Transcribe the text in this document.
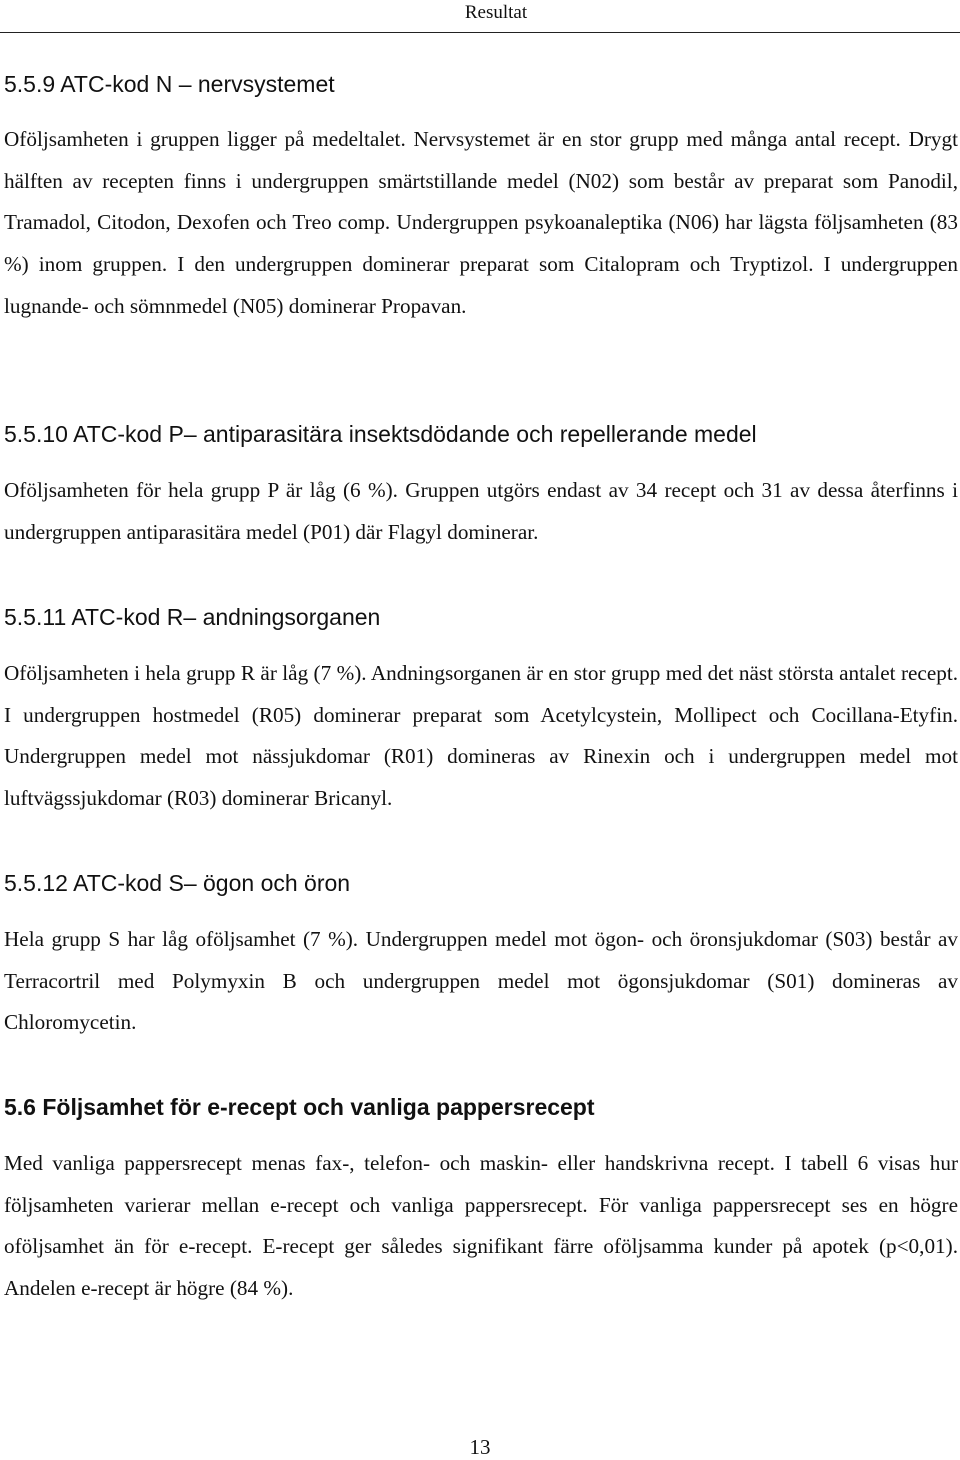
Resultat
5.5.9 ATC-kod N – nervsystemet

Oföljsamheten i gruppen ligger på medeltalet. Nervsystemet är en stor grupp med många antal recept. Drygt hälften av recepten finns i undergruppen smärtstillande medel (N02) som består av preparat som Panodil, Tramadol, Citodon, Dexofen och Treo comp. Undergruppen psykoanaleptika (N06) har lägsta följsamheten (83 %) inom gruppen. I den undergruppen dominerar preparat som Citalopram och Tryptizol. I undergruppen lugnande- och sömnmedel (N05) dominerar Propavan.

5.5.10 ATC-kod P– antiparasitära insektsdödande och repellerande medel

Oföljsamheten för hela grupp P är låg (6 %). Gruppen utgörs endast av 34 recept och 31 av dessa återfinns i undergruppen antiparasitära medel (P01) där Flagyl dominerar.

5.5.11 ATC-kod R– andningsorganen

Oföljsamheten i hela grupp R är låg (7 %). Andningsorganen är en stor grupp med det näst största antalet recept. I undergruppen hostmedel (R05) dominerar preparat som Acetylcystein, Mollipect och Cocillana-Etyfin. Undergruppen medel mot nässjukdomar (R01) domineras av Rinexin och i undergruppen medel mot luftvägssjukdomar (R03) dominerar Bricanyl.

5.5.12 ATC-kod S– ögon och öron

Hela grupp S har låg oföljsamhet (7 %). Undergruppen medel mot ögon- och öronsjukdomar (S03) består av Terracortril med Polymyxin B och undergruppen medel mot ögonsjukdomar (S01) domineras av Chloromycetin.

5.6 Följsamhet för e-recept och vanliga pappersrecept

Med vanliga pappersrecept menas fax-, telefon- och maskin- eller handskrivna recept. I tabell 6 visas hur följsamheten varierar mellan e-recept och vanliga pappersrecept. För vanliga pappersrecept ses en högre oföljsamhet än för e-recept. E-recept ger således signifikant färre oföljsamma kunder på apotek (p<0,01). Andelen e-recept är högre (84 %).

13
